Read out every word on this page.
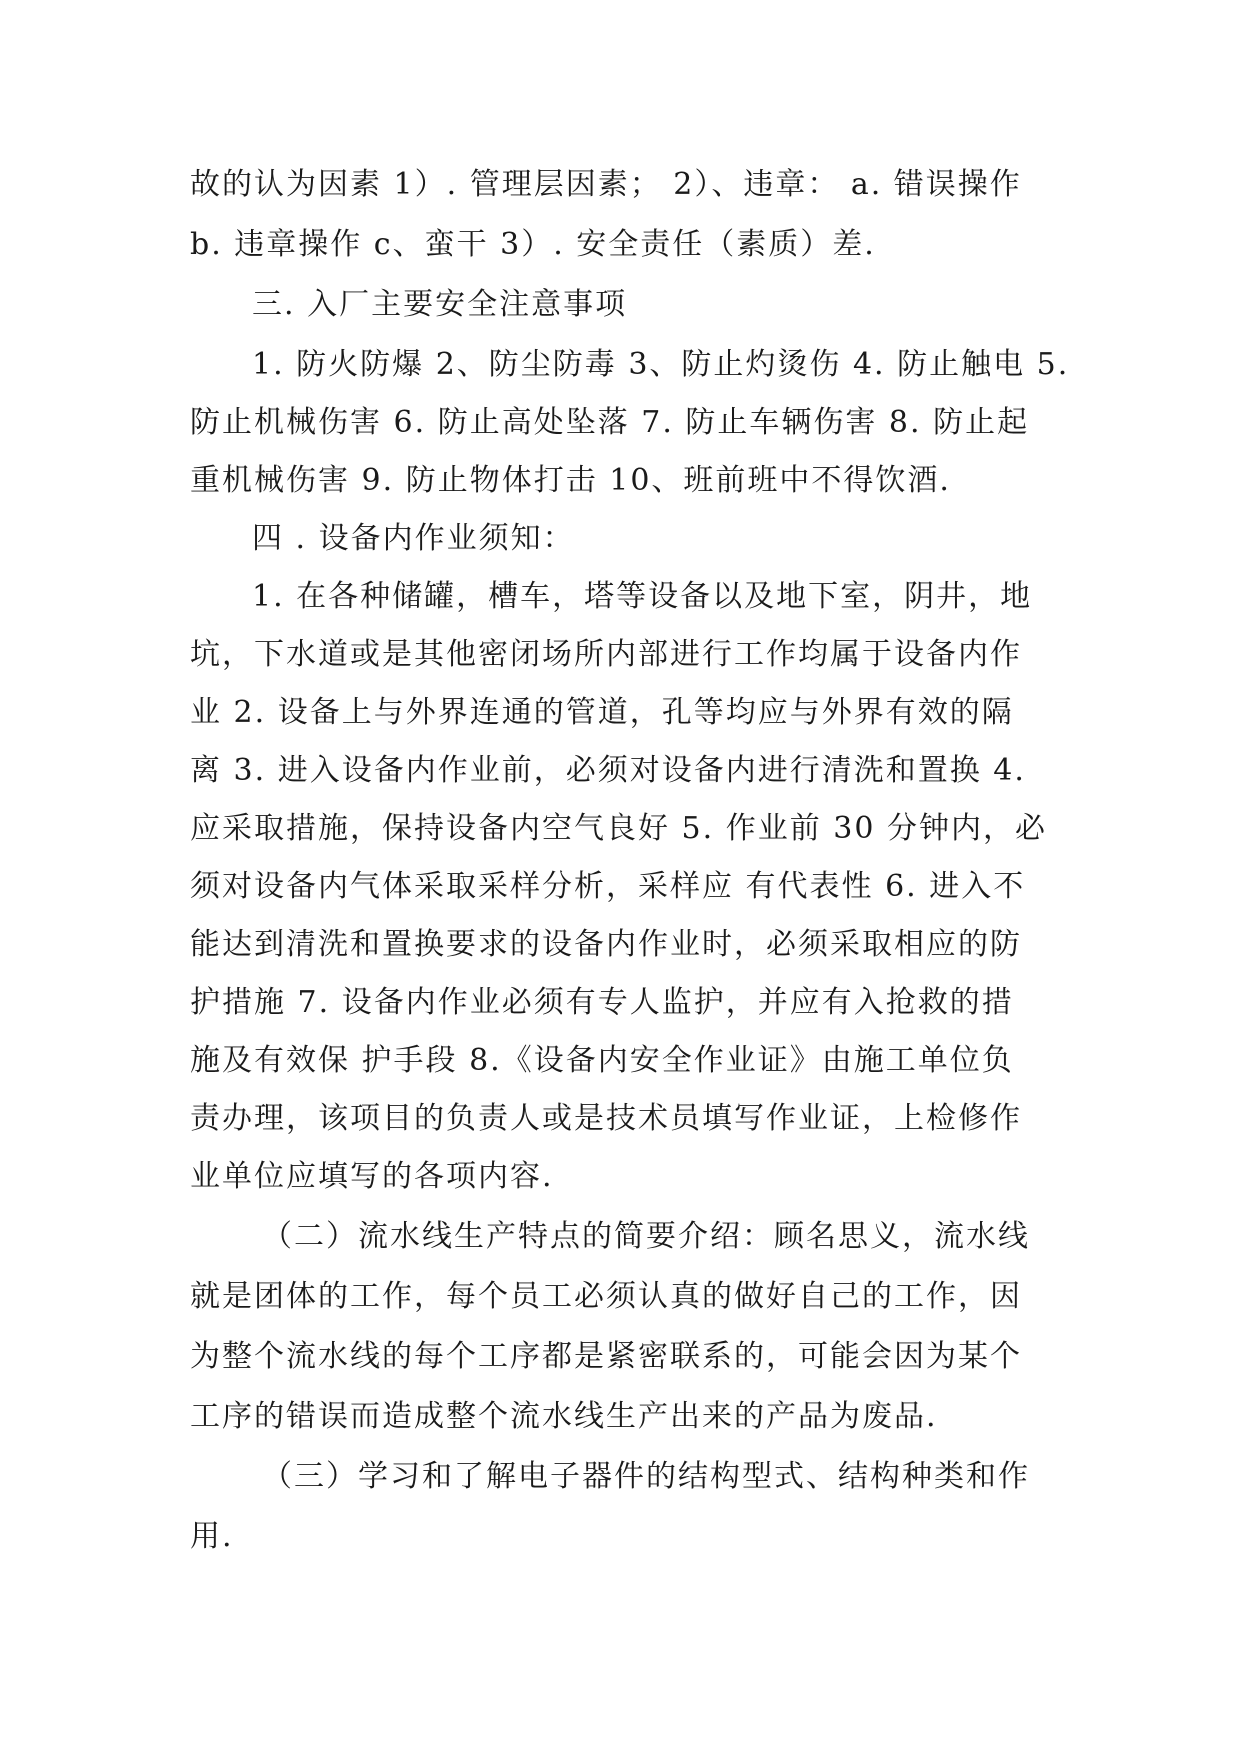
故的认为因素 1）. 管理层因素； 2）、违章： a. 错误操作
b. 违章操作 c、蛮干 3）. 安全责任（素质）差.
三. 入厂主要安全注意事项
1. 防火防爆 2、防尘防毒 3、防止灼烫伤 4. 防止触电 5.
防止机械伤害 6. 防止高处坠落 7. 防止车辆伤害 8. 防止起
重机械伤害 9. 防止物体打击 10、班前班中不得饮酒.
四 . 设备内作业须知：
1. 在各种储罐，槽车，塔等设备以及地下室，阴井，地
坑，下水道或是其他密闭场所内部进行工作均属于设备内作
业 2. 设备上与外界连通的管道，孔等均应与外界有效的隔
离 3. 进入设备内作业前，必须对设备内进行清洗和置换 4.
应采取措施，保持设备内空气良好 5. 作业前 30 分钟内，必
须对设备内气体采取采样分析，采样应 有代表性 6. 进入不
能达到清洗和置换要求的设备内作业时，必须采取相应的防
护措施 7. 设备内作业必须有专人监护，并应有入抢救的措
施及有效保 护手段 8.《设备内安全作业证》由施工单位负
责办理，该项目的负责人或是技术员填写作业证，上检修作
业单位应填写的各项内容.
（二）流水线生产特点的简要介绍：顾名思义，流水线
就是团体的工作，每个员工必须认真的做好自己的工作，因
为整个流水线的每个工序都是紧密联系的，可能会因为某个
工序的错误而造成整个流水线生产出来的产品为废品.
（三）学习和了解电子器件的结构型式、结构种类和作
用.
